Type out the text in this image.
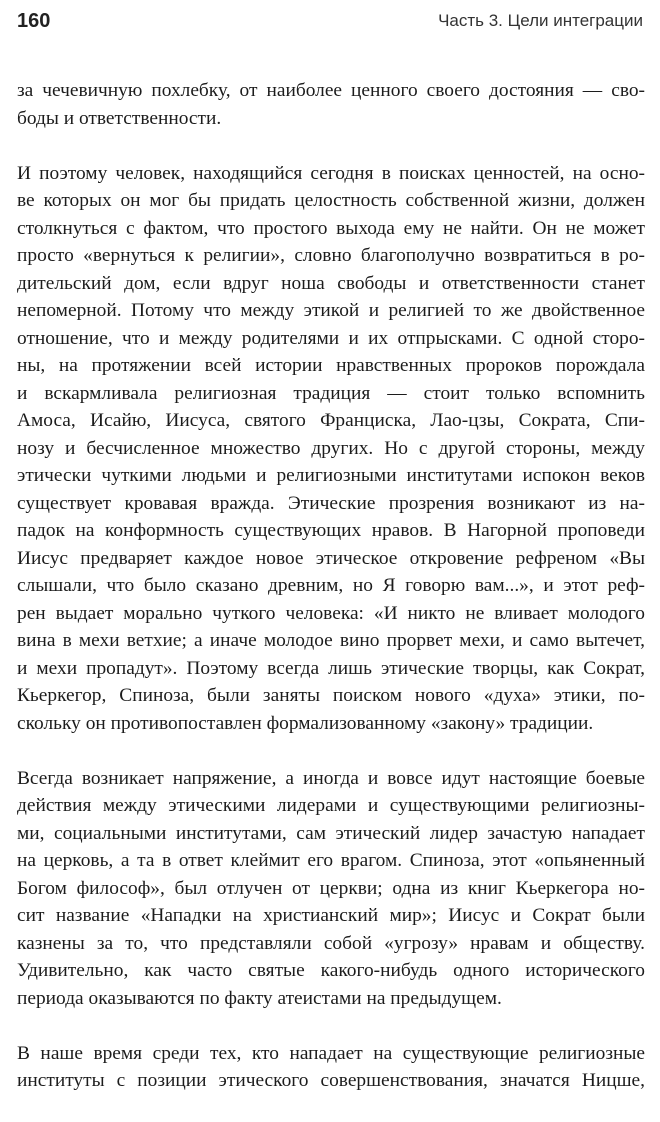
160	Часть 3. Цели интеграции
за чечевичную похлебку, от наиболее ценного своего достояния — сво-
боды и ответственности.
И поэтому человек, находящийся сегодня в поисках ценностей, на осно-
ве которых он мог бы придать целостность собственной жизни, должен
столкнуться с фактом, что простого выхода ему не найти. Он не может
просто «вернуться к религии», словно благополучно возвратиться в ро-
дительский дом, если вдруг ноша свободы и ответственности станет
непомерной. Потому что между этикой и религией то же двойственное
отношение, что и между родителями и их отпрысками. С одной сторо-
ны, на протяжении всей истории нравственных пророков порождала
и вскармливала религиозная традиция — стоит только вспомнить
Амоса, Исайю, Иисуса, святого Франциска, Лао-цзы, Сократа, Спи-
нозу и бесчисленное множество других. Но с другой стороны, между
этически чуткими людьми и религиозными институтами испокон веков
существует кровавая вражда. Этические прозрения возникают из на-
падок на конформность существующих нравов. В Нагорной проповеди
Иисус предваряет каждое новое этическое откровение рефреном «Вы
слышали, что было сказано древним, но Я говорю вам...», и этот реф-
рен выдает морально чуткого человека: «И никто не вливает молодого
вина в мехи ветхие; а иначе молодое вино прорвет мехи, и само вытечет,
и мехи пропадут». Поэтому всегда лишь этические творцы, как Сократ,
Кьеркегор, Спиноза, были заняты поиском нового «духа» этики, по-
скольку он противопоставлен формализованному «закону» традиции.
Всегда возникает напряжение, а иногда и вовсе идут настоящие боевые
действия между этическими лидерами и существующими религиозны-
ми, социальными институтами, сам этический лидер зачастую нападает
на церковь, а та в ответ клеймит его врагом. Спиноза, этот «опьяненный
Богом философ», был отлучен от церкви; одна из книг Кьеркегора но-
сит название «Нападки на христианский мир»; Иисус и Сократ были
казнены за то, что представляли собой «угрозу» нравам и обществу.
Удивительно, как часто святые какого-нибудь одного исторического
периода оказываются по факту атеистами на предыдущем.
В наше время среди тех, кто нападает на существующие религиозные
институты с позиции этического совершенствования, значатся Ницше,
